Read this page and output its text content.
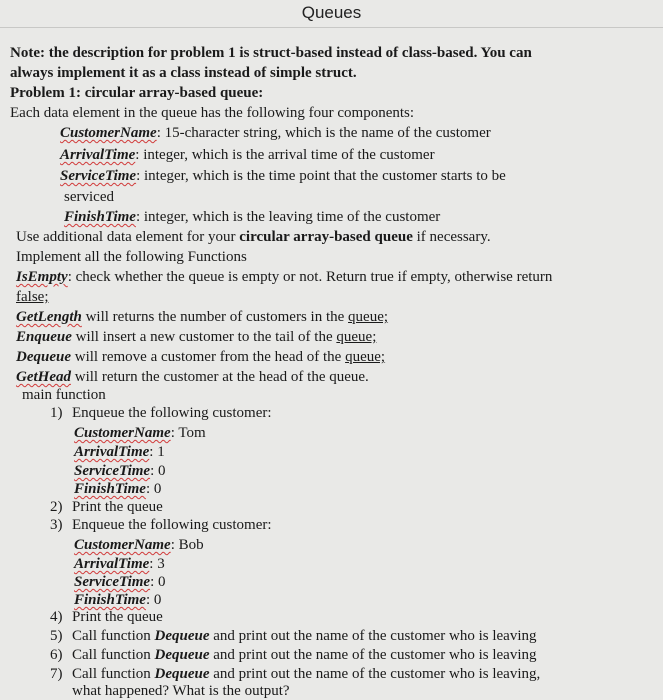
Queues
Note: the description for problem 1 is struct-based instead of class-based. You can
always implement it as a class instead of simple struct.
Problem 1: circular array-based queue:
Each data element in the queue has the following four components:
CustomerName: 15-character string, which is the name of the customer
ArrivalTime: integer, which is the arrival time of the customer
ServiceTime: integer, which is the time point that the customer starts to be
serviced
FinishTime: integer, which is the leaving time of the customer
Use additional data element for your circular array-based queue if necessary.
Implement all the following Functions
IsEmpty: check whether the queue is empty or not. Return true if empty, otherwise return
false;
GetLength will returns the number of customers in the queue;
Enqueue will insert a new customer to the tail of the queue;
Dequeue will remove a customer from the head of the queue;
GetHead will return the customer at the head of the queue.
main function
1) Enqueue the following customer:
CustomerName: Tom
ArrivalTime: 1
ServiceTime: 0
FinishTime: 0
2) Print the queue
3) Enqueue the following customer:
CustomerName: Bob
ArrivalTime: 3
ServiceTime: 0
FinishTime: 0
4) Print the queue
5) Call function Dequeue and print out the name of the customer who is leaving
6) Call function Dequeue and print out the name of the customer who is leaving
7) Call function Dequeue and print out the name of the customer who is leaving,
what happened? What is the output?
